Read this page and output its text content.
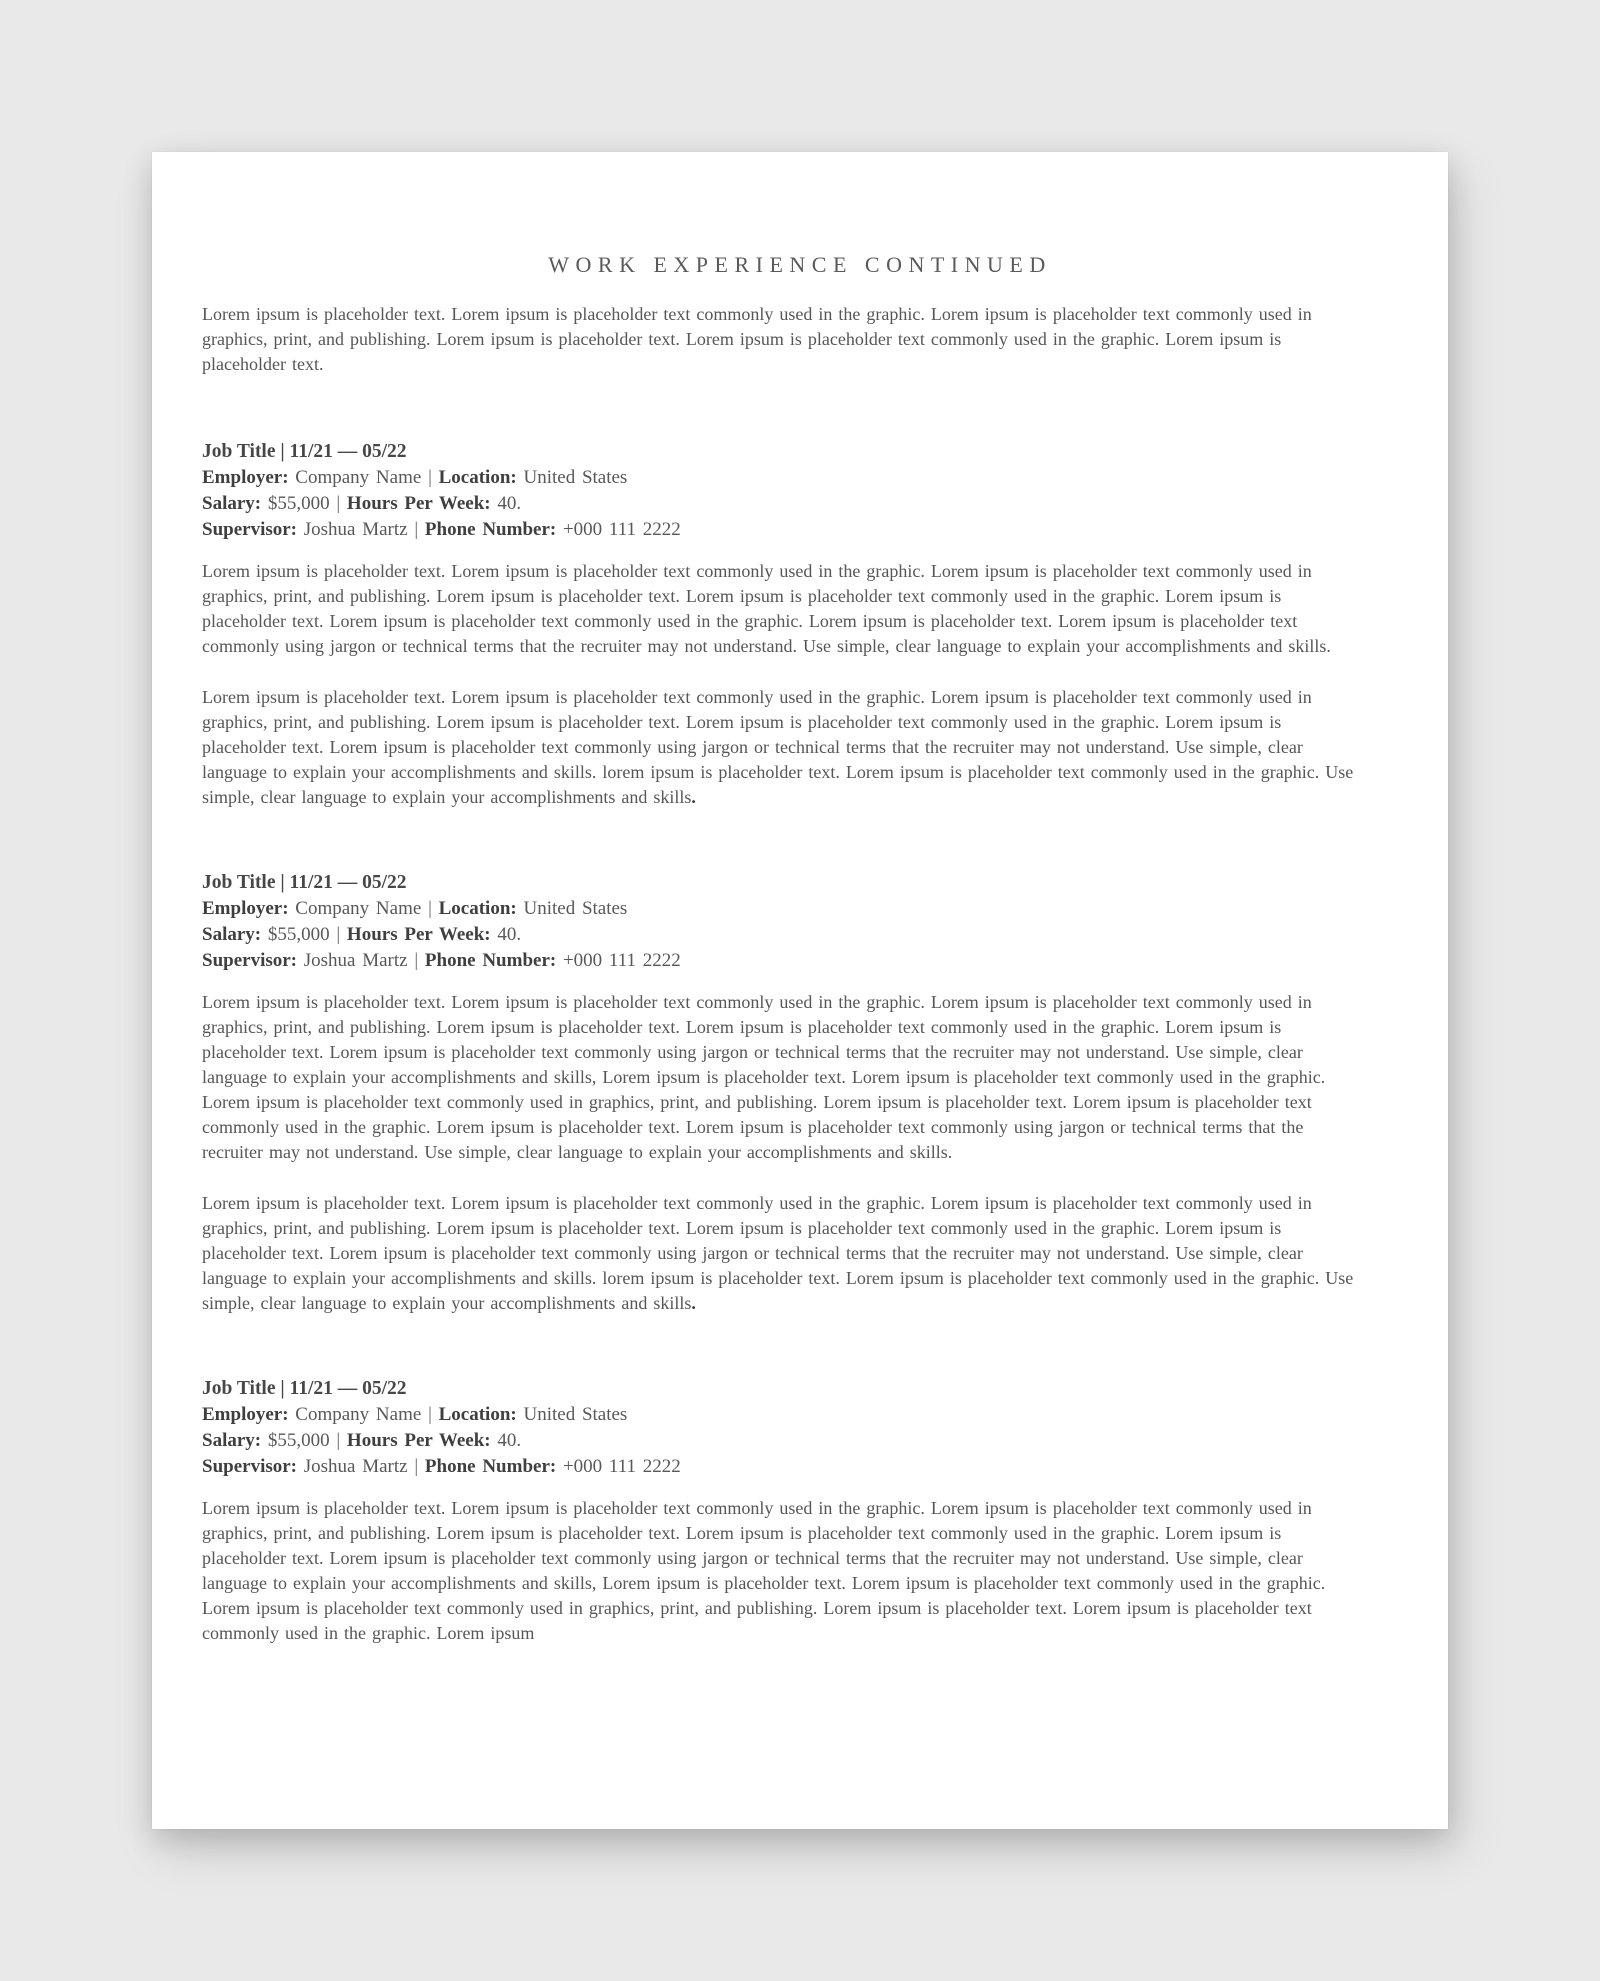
WORK EXPERIENCE CONTINUED

Lorem ipsum is placeholder text. Lorem ipsum is placeholder text commonly used in the graphic. Lorem ipsum is placeholder text commonly used in graphics, print, and publishing. Lorem ipsum is placeholder text. Lorem ipsum is placeholder text commonly used in the graphic. Lorem ipsum is placeholder text.

Job Title | 11/21 — 05/22
Employer: Company Name | Location: United States
Salary: $55,000 | Hours Per Week: 40.
Supervisor: Joshua Martz | Phone Number: +000 111 2222

Lorem ipsum is placeholder text. Lorem ipsum is placeholder text commonly used in the graphic. Lorem ipsum is placeholder text commonly used in graphics, print, and publishing. Lorem ipsum is placeholder text. Lorem ipsum is placeholder text commonly used in the graphic. Lorem ipsum is placeholder text. Lorem ipsum is placeholder text commonly used in the graphic. Lorem ipsum is placeholder text. Lorem ipsum is placeholder text commonly using jargon or technical terms that the recruiter may not understand. Use simple, clear language to explain your accomplishments and skills.

Lorem ipsum is placeholder text. Lorem ipsum is placeholder text commonly used in the graphic. Lorem ipsum is placeholder text commonly used in graphics, print, and publishing. Lorem ipsum is placeholder text. Lorem ipsum is placeholder text commonly used in the graphic. Lorem ipsum is placeholder text. Lorem ipsum is placeholder text commonly using jargon or technical terms that the recruiter may not understand. Use simple, clear language to explain your accomplishments and skills. lorem ipsum is placeholder text. Lorem ipsum is placeholder text commonly used in the graphic. Use simple, clear language to explain your accomplishments and skills.

Job Title | 11/21 — 05/22
Employer: Company Name | Location: United States
Salary: $55,000 | Hours Per Week: 40.
Supervisor: Joshua Martz | Phone Number: +000 111 2222

Lorem ipsum is placeholder text. Lorem ipsum is placeholder text commonly used in the graphic. Lorem ipsum is placeholder text commonly used in graphics, print, and publishing. Lorem ipsum is placeholder text. Lorem ipsum is placeholder text commonly used in the graphic. Lorem ipsum is placeholder text. Lorem ipsum is placeholder text commonly using jargon or technical terms that the recruiter may not understand. Use simple, clear language to explain your accomplishments and skills, Lorem ipsum is placeholder text. Lorem ipsum is placeholder text commonly used in the graphic. Lorem ipsum is placeholder text commonly used in graphics, print, and publishing. Lorem ipsum is placeholder text. Lorem ipsum is placeholder text commonly used in the graphic. Lorem ipsum is placeholder text. Lorem ipsum is placeholder text commonly using jargon or technical terms that the recruiter may not understand. Use simple, clear language to explain your accomplishments and skills.

Lorem ipsum is placeholder text. Lorem ipsum is placeholder text commonly used in the graphic. Lorem ipsum is placeholder text commonly used in graphics, print, and publishing. Lorem ipsum is placeholder text. Lorem ipsum is placeholder text commonly used in the graphic. Lorem ipsum is placeholder text. Lorem ipsum is placeholder text commonly using jargon or technical terms that the recruiter may not understand. Use simple, clear language to explain your accomplishments and skills. lorem ipsum is placeholder text. Lorem ipsum is placeholder text commonly used in the graphic. Use simple, clear language to explain your accomplishments and skills.

Job Title | 11/21 — 05/22
Employer: Company Name | Location: United States
Salary: $55,000 | Hours Per Week: 40.
Supervisor: Joshua Martz | Phone Number: +000 111 2222

Lorem ipsum is placeholder text. Lorem ipsum is placeholder text commonly used in the graphic. Lorem ipsum is placeholder text commonly used in graphics, print, and publishing. Lorem ipsum is placeholder text. Lorem ipsum is placeholder text commonly used in the graphic. Lorem ipsum is placeholder text. Lorem ipsum is placeholder text commonly using jargon or technical terms that the recruiter may not understand. Use simple, clear language to explain your accomplishments and skills, Lorem ipsum is placeholder text. Lorem ipsum is placeholder text commonly used in the graphic. Lorem ipsum is placeholder text commonly used in graphics, print, and publishing. Lorem ipsum is placeholder text. Lorem ipsum is placeholder text commonly used in the graphic. Lorem ipsum
